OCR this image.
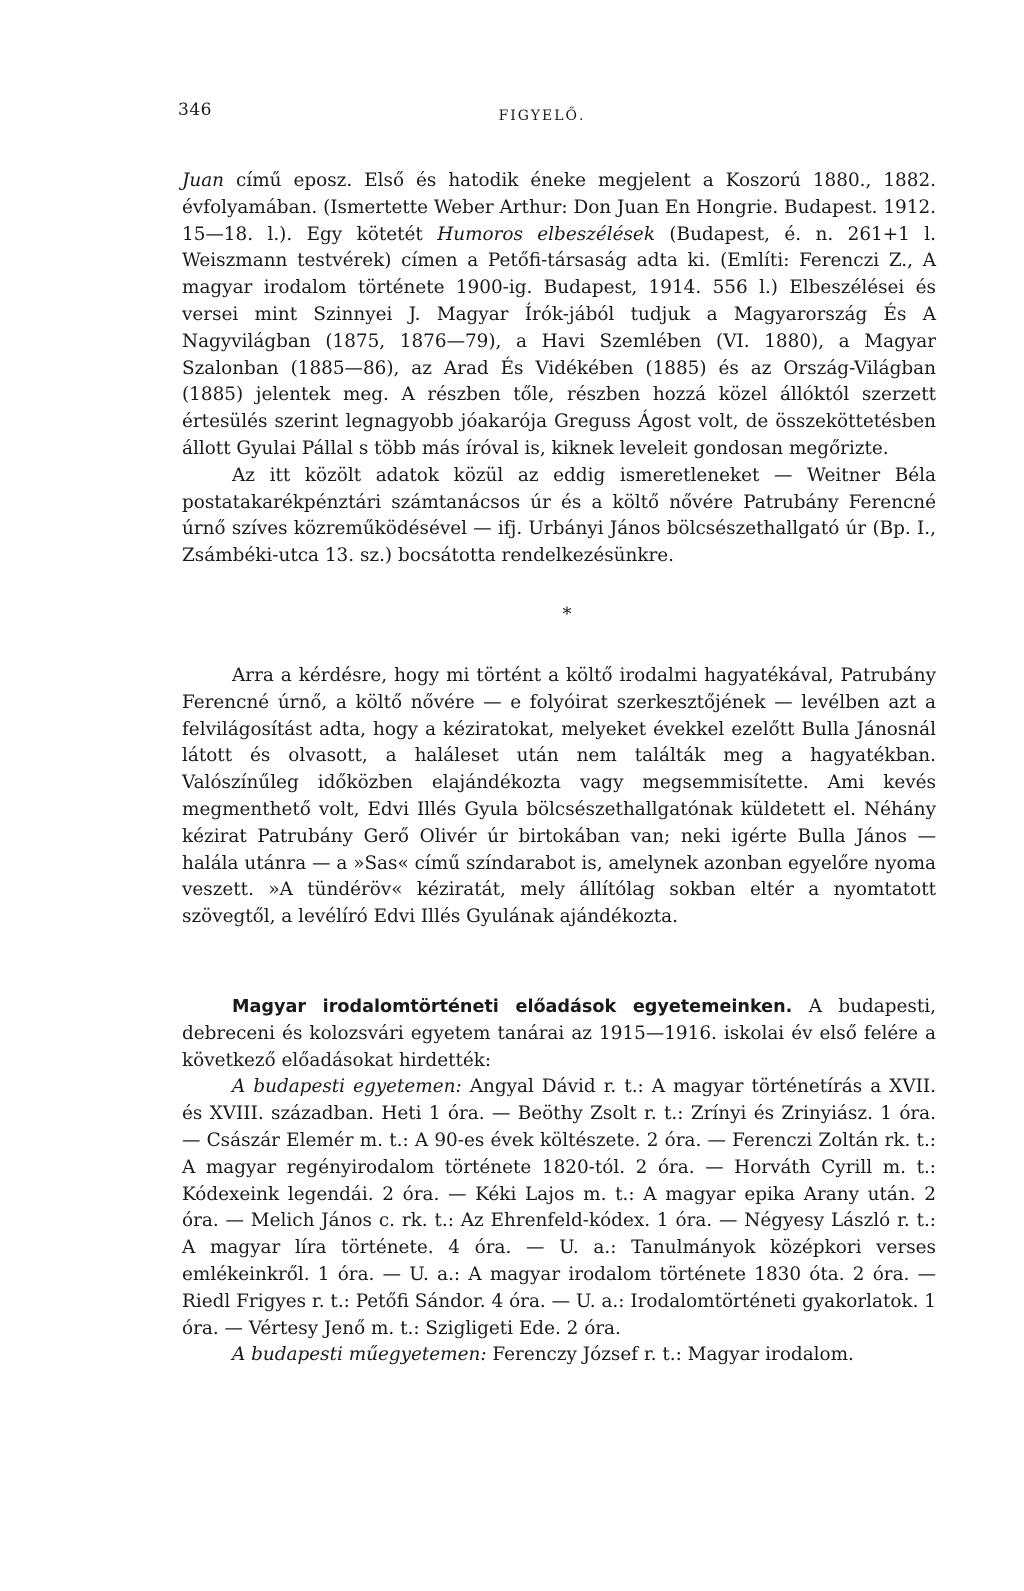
346	FIGYELŐ.

Juan című eposz. Első és hatodik éneke megjelent a Koszorú 1880., 1882. évfolyamában. (Ismertette Weber Arthur: Don Juan En Hongrie. Budapest. 1912. 15—18. l.). Egy kötetét Humoros elbeszélések (Budapest, é. n. 261+1 l. Weiszmann testvérek) címen a Petőfi-társaság adta ki. (Említi: Ferenczi Z., A magyar irodalom története 1900-ig. Budapest, 1914. 556 l.) Elbeszélései és versei mint Szinnyei J. Magyar Írók-jából tudjuk a Magyarország És A Nagyvilágban (1875, 1876—79), a Havi Szemlében (VI. 1880), a Magyar Szalonban (1885—86), az Arad És Vidékében (1885) és az Ország-Világban (1885) jelentek meg. A részben tőle, részben hozzá közel állóktól szerzett értesülés szerint legnagyobb jóakarója Greguss Ágost volt, de összeköttetésben állott Gyulai Pállal s több más íróval is, kiknek leveleit gondosan megőrizte.

Az itt közölt adatok közül az eddig ismeretleneket — Weitner Béla postatakarékpénztári számtanácsos úr és a költő nővére Patrubány Ferencné úrnő szíves közreműködésével — ifj. Urbányi János bölcsészethallgató úr (Bp. I., Zsámbéki-utca 13. sz.) bocsátotta rendelkezésünkre.

*

Arra a kérdésre, hogy mi történt a költő irodalmi hagyatékával, Patrubány Ferencné úrnő, a költő nővére — e folyóirat szerkesztőjének — levélben azt a felvilágosítást adta, hogy a kéziratokat, melyeket évekkel ezelőtt Bulla Jánosnál látott és olvasott, a haláleset után nem találták meg a hagyatékban. Valószínűleg időközben elajándékozta vagy megsemmisítette. Ami kevés megmenthető volt, Edvi Illés Gyula bölcsészethallgatónak küldetett el. Néhány kézirat Patrubány Gerő Olivér úr birtokában van; neki igérte Bulla János — halála utánra — a »Sas« című színdarabot is, amelynek azonban egyelőre nyoma veszett. »A tündéröv« kéziratát, mely állítólag sokban eltér a nyomtatott szövegtől, a levélíró Edvi Illés Gyulának ajándékozta.

Magyar irodalomtörténeti előadások egyetemeinken. A budapesti, debreceni és kolozsvári egyetem tanárai az 1915—1916. iskolai év első felére a következő előadásokat hirdették:

A budapesti egyetemen: Angyal Dávid r. t.: A magyar történetírás a XVII. és XVIII. században. Heti 1 óra. — Beöthy Zsolt r. t.: Zrínyi és Zrinyiász. 1 óra. — Császár Elemér m. t.: A 90-es évek költészete. 2 óra. — Ferenczi Zoltán rk. t.: A magyar regényirodalom története 1820-tól. 2 óra. — Horváth Cyrill m. t.: Kódexeink legendái. 2 óra. — Kéki Lajos m. t.: A magyar epika Arany után. 2 óra. — Melich János c. rk. t.: Az Ehrenfeld-kódex. 1 óra. — Négyesy László r. t.: A magyar líra története. 4 óra. — U. a.: Tanulmányok középkori verses emlékeinkről. 1 óra. — U. a.: A magyar irodalom története 1830 óta. 2 óra. — Riedl Frigyes r. t.: Petőfi Sándor. 4 óra. — U. a.: Irodalomtörténeti gyakorlatok. 1 óra. — Vértesy Jenő m. t.: Szigligeti Ede. 2 óra.

A budapesti műegyetemen: Ferenczy József r. t.: Magyar irodalom.
